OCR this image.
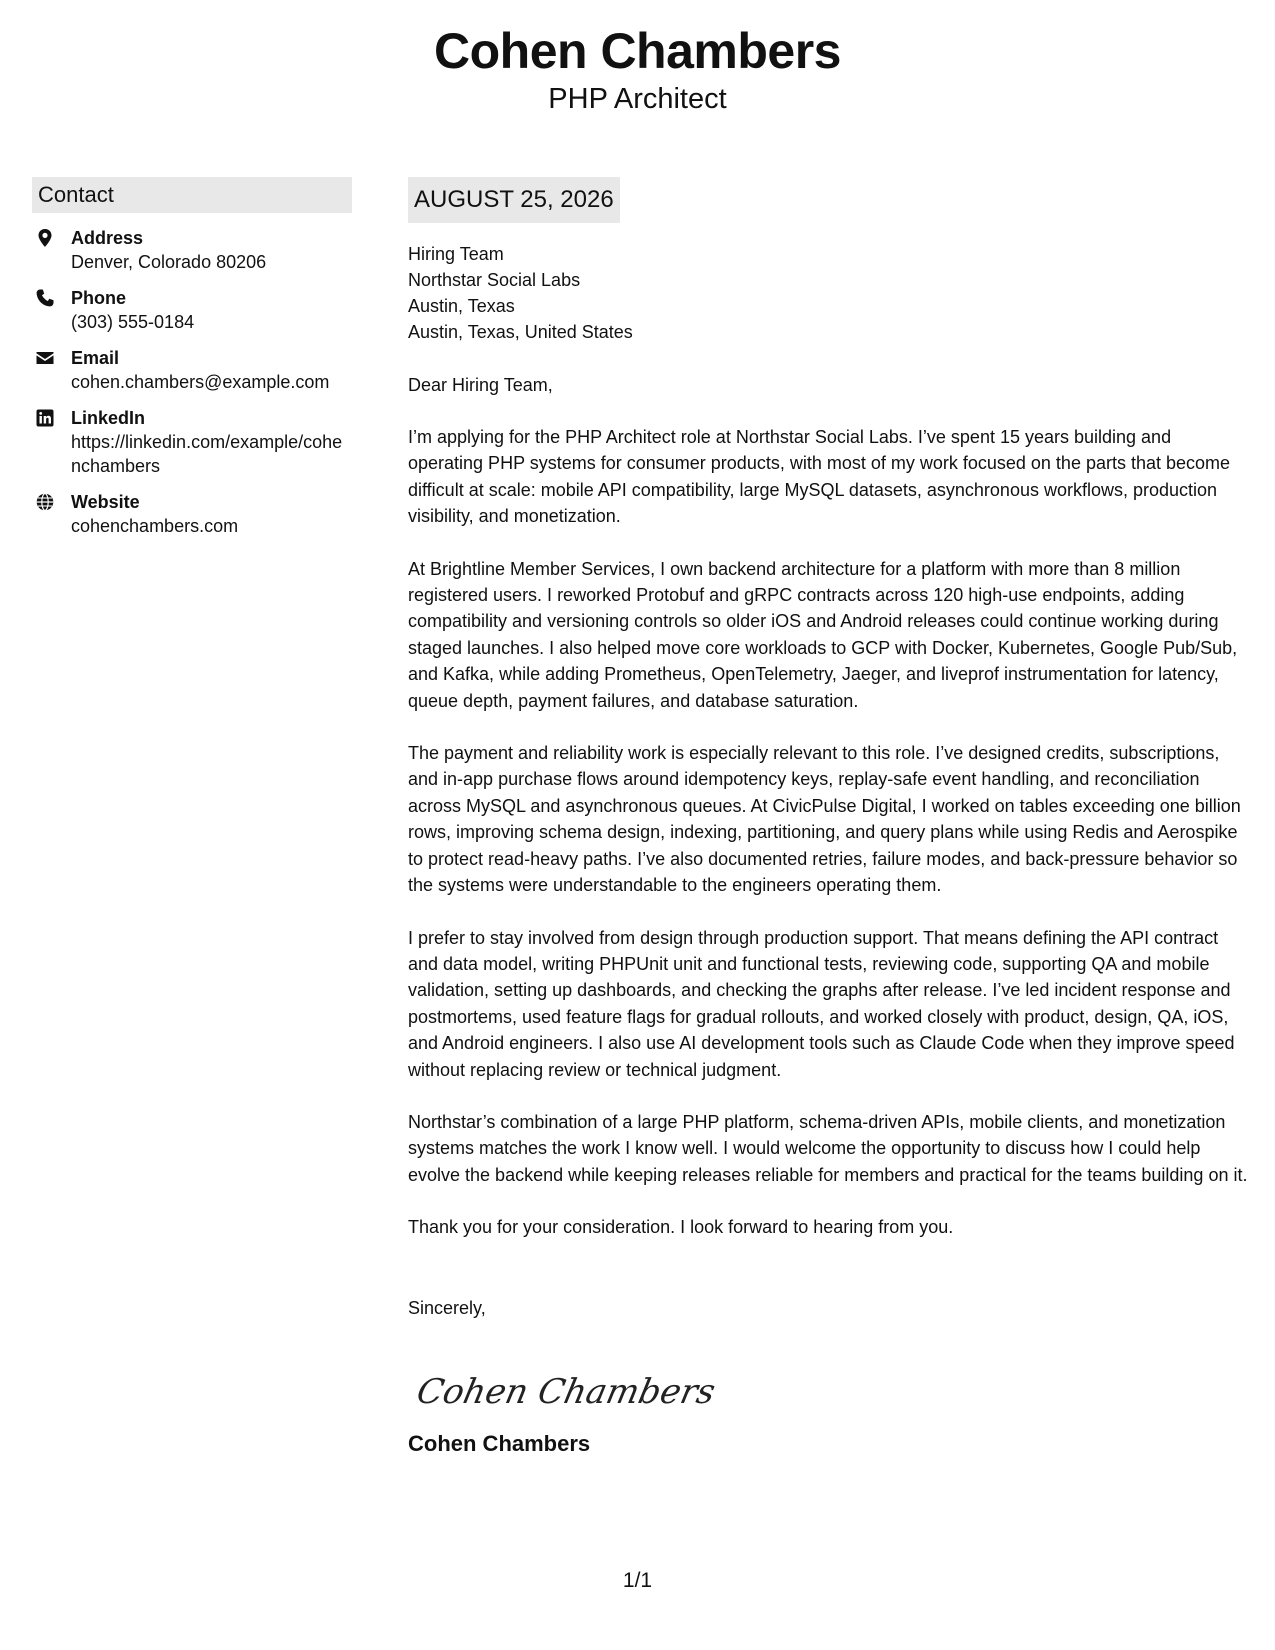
Cohen Chambers
PHP Architect
Contact
Address
Denver, Colorado 80206
Phone
(303) 555-0184
Email
cohen.chambers@example.com
LinkedIn
https://linkedin.com/example/cohenchambers
Website
cohenchambers.com
AUGUST 25, 2026
Hiring Team
Northstar Social Labs
Austin, Texas
Austin, Texas, United States
Dear Hiring Team,
I’m applying for the PHP Architect role at Northstar Social Labs. I’ve spent 15 years building and operating PHP systems for consumer products, with most of my work focused on the parts that become difficult at scale: mobile API compatibility, large MySQL datasets, asynchronous workflows, production visibility, and monetization.
At Brightline Member Services, I own backend architecture for a platform with more than 8 million registered users. I reworked Protobuf and gRPC contracts across 120 high-use endpoints, adding compatibility and versioning controls so older iOS and Android releases could continue working during staged launches. I also helped move core workloads to GCP with Docker, Kubernetes, Google Pub/Sub, and Kafka, while adding Prometheus, OpenTelemetry, Jaeger, and liveprof instrumentation for latency, queue depth, payment failures, and database saturation.
The payment and reliability work is especially relevant to this role. I’ve designed credits, subscriptions, and in-app purchase flows around idempotency keys, replay-safe event handling, and reconciliation across MySQL and asynchronous queues. At CivicPulse Digital, I worked on tables exceeding one billion rows, improving schema design, indexing, partitioning, and query plans while using Redis and Aerospike to protect read-heavy paths. I’ve also documented retries, failure modes, and back-pressure behavior so the systems were understandable to the engineers operating them.
I prefer to stay involved from design through production support. That means defining the API contract and data model, writing PHPUnit unit and functional tests, reviewing code, supporting QA and mobile validation, setting up dashboards, and checking the graphs after release. I’ve led incident response and postmortems, used feature flags for gradual rollouts, and worked closely with product, design, QA, iOS, and Android engineers. I also use AI development tools such as Claude Code when they improve speed without replacing review or technical judgment.
Northstar’s combination of a large PHP platform, schema-driven APIs, mobile clients, and monetization systems matches the work I know well. I would welcome the opportunity to discuss how I could help evolve the backend while keeping releases reliable for members and practical for the teams building on it.
Thank you for your consideration. I look forward to hearing from you.
Sincerely,
Cohen Chambers
Cohen Chambers
1/1
